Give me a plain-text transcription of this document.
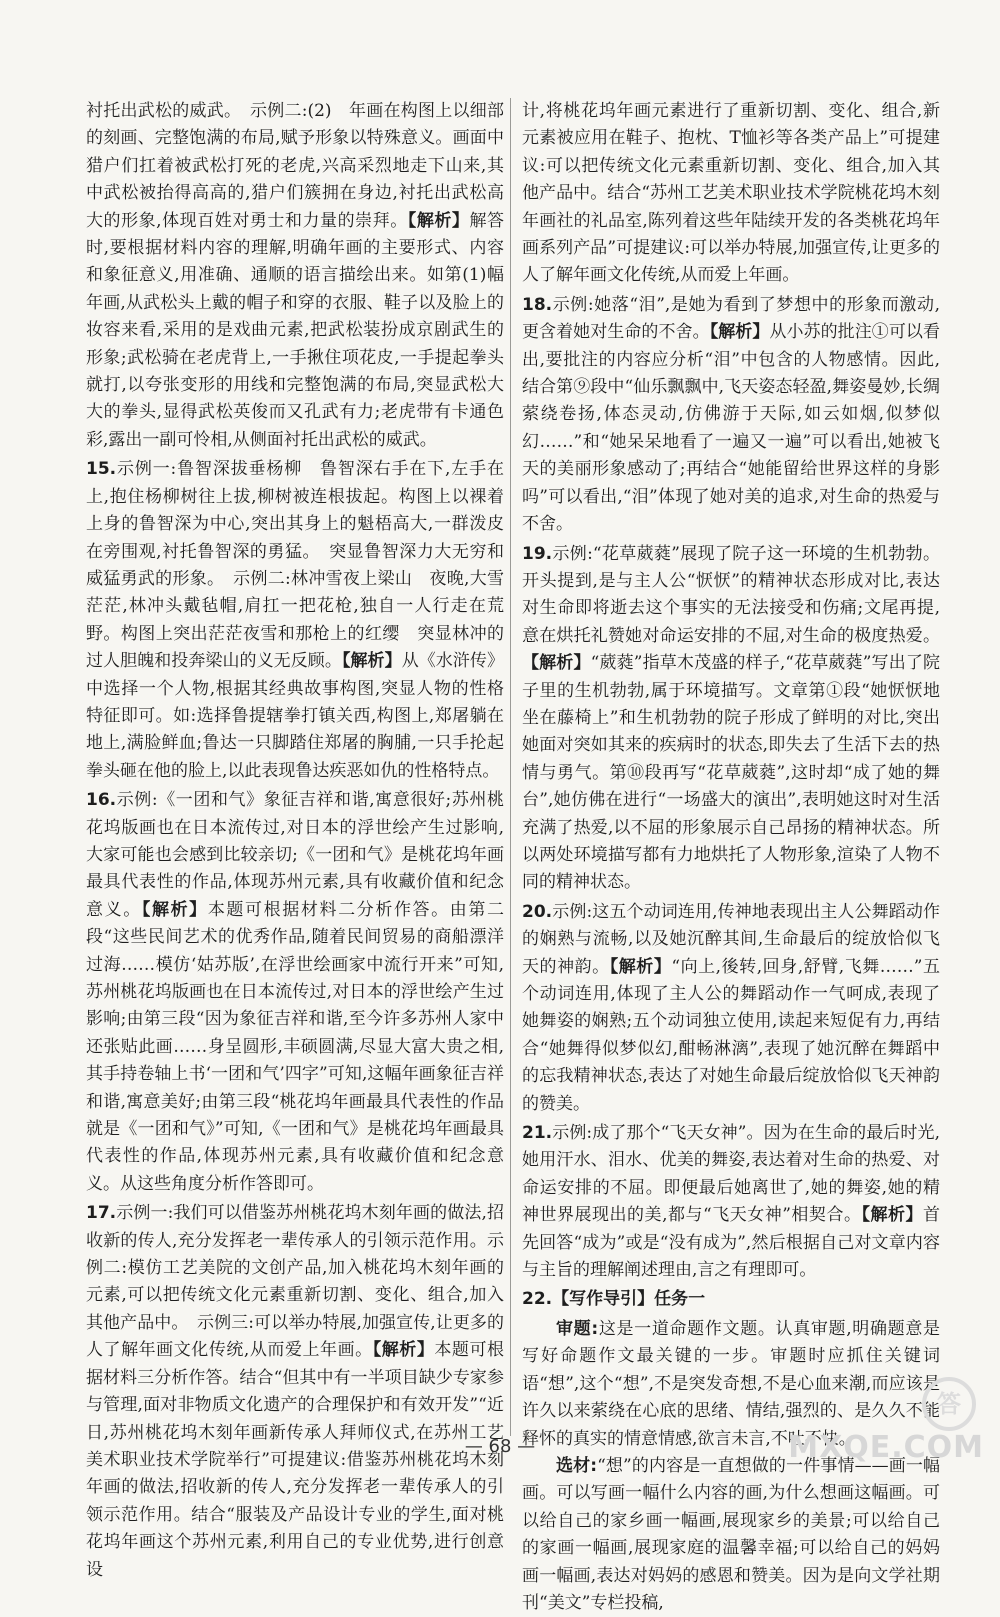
衬托出武松的威武。　示例二:(2)　年画在构图上以细部的刻画、完整饱满的布局,赋予形象以特殊意义。画面中猎户们扛着被武松打死的老虎,兴高采烈地走下山来,其中武松被抬得高高的,猎户们簇拥在身边,衬托出武松高大的形象,体现百姓对勇士和力量的崇拜。【解析】解答时,要根据材料内容的理解,明确年画的主要形式、内容和象征意义,用准确、通顺的语言描绘出来。如第(1)幅年画,从武松头上戴的帽子和穿的衣服、鞋子以及脸上的妆容来看,采用的是戏曲元素,把武松装扮成京剧武生的形象;武松骑在老虎背上,一手揪住项花皮,一手提起拳头就打,以夸张变形的用线和完整饱满的布局,突显武松大大的拳头,显得武松英俊而又孔武有力;老虎带有卡通色彩,露出一副可怜相,从侧面衬托出武松的威武。
15.示例一:鲁智深拔垂杨柳　鲁智深右手在下,左手在上,抱住杨柳树往上拔,柳树被连根拔起。构图上以裸着上身的鲁智深为中心,突出其身上的魁梧高大,一群泼皮在旁围观,衬托鲁智深的勇猛。　突显鲁智深力大无穷和威猛勇武的形象。　示例二:林冲雪夜上梁山　夜晚,大雪茫茫,林冲头戴毡帽,肩扛一把花枪,独自一人行走在荒野。构图上突出茫茫夜雪和那枪上的红缨　突显林冲的过人胆魄和投奔梁山的义无反顾。【解析】从《水浒传》中选择一个人物,根据其经典故事构图,突显人物的性格特征即可。如:选择鲁提辖拳打镇关西,构图上,郑屠躺在地上,满脸鲜血;鲁达一只脚踏住郑屠的胸脯,一只手抡起拳头砸在他的脸上,以此表现鲁达疾恶如仇的性格特点。
16.示例:《一团和气》象征吉祥和谐,寓意很好;苏州桃花坞版画也在日本流传过,对日本的浮世绘产生过影响,大家可能也会感到比较亲切;《一团和气》是桃花坞年画最具代表性的作品,体现苏州元素,具有收藏价值和纪念意义。【解析】本题可根据材料二分析作答。由第二段“这些民间艺术的优秀作品,随着民间贸易的商船漂洋过海……模仿‘姑苏版’,在浮世绘画家中流行开来”可知,苏州桃花坞版画也在日本流传过,对日本的浮世绘产生过影响;由第三段“因为象征吉祥和谐,至今许多苏州人家中还张贴此画……身呈圆形,丰硕圆满,尽显大富大贵之相,其手持卷轴上书‘一团和气’四字”可知,这幅年画象征吉祥和谐,寓意美好;由第三段“桃花坞年画最具代表性的作品就是《一团和气》”可知,《一团和气》是桃花坞年画最具代表性的作品,体现苏州元素,具有收藏价值和纪念意义。从这些角度分析作答即可。
17.示例一:我们可以借鉴苏州桃花坞木刻年画的做法,招收新的传人,充分发挥老一辈传承人的引领示范作用。示例二:模仿工艺美院的文创产品,加入桃花坞木刻年画的元素,可以把传统文化元素重新切割、变化、组合,加入其他产品中。　示例三:可以举办特展,加强宣传,让更多的人了解年画文化传统,从而爱上年画。【解析】本题可根据材料三分析作答。结合“但其中有一半项目缺少专家参与管理,面对非物质文化遗产的合理保护和有效开发”“近日,苏州桃花坞木刻年画新传承人拜师仪式,在苏州工艺美术职业技术学院举行”可提建议:借鉴苏州桃花坞木刻年画的做法,招收新的传人,充分发挥老一辈传承人的引领示范作用。结合“服装及产品设计专业的学生,面对桃花坞年画这个苏州元素,利用自己的专业优势,进行创意设
计,将桃花坞年画元素进行了重新切割、变化、组合,新元素被应用在鞋子、抱枕、T恤衫等各类产品上”可提建议:可以把传统文化元素重新切割、变化、组合,加入其他产品中。结合“苏州工艺美术职业技术学院桃花坞木刻年画社的礼品室,陈列着这些年陆续开发的各类桃花坞年画系列产品”可提建议:可以举办特展,加强宣传,让更多的人了解年画文化传统,从而爱上年画。
18.示例:她落“泪”,是她为看到了梦想中的形象而激动,更含着她对生命的不舍。【解析】从小苏的批注①可以看出,要批注的内容应分析“泪”中包含的人物感情。因此,结合第⑨段中“仙乐飘飘中,飞天姿态轻盈,舞姿曼妙,长绸萦绕卷扬,体态灵动,仿佛游于天际,如云如烟,似梦似幻……”和“她呆呆地看了一遍又一遍”可以看出,她被飞天的美丽形象感动了;再结合“她能留给世界这样的身影吗”可以看出,“泪”体现了她对美的追求,对生命的热爱与不舍。
19.示例:“花草葳蕤”展现了院子这一环境的生机勃勃。开头提到,是与主人公“恹恹”的精神状态形成对比,表达对生命即将逝去这个事实的无法接受和伤痛;文尾再提,意在烘托礼赞她对命运安排的不屈,对生命的极度热爱。【解析】“葳蕤”指草木茂盛的样子,“花草葳蕤”写出了院子里的生机勃勃,属于环境描写。文章第①段“她恹恹地坐在藤椅上”和生机勃勃的院子形成了鲜明的对比,突出她面对突如其来的疾病时的状态,即失去了生活下去的热情与勇气。第⑩段再写“花草葳蕤”,这时却“成了她的舞台”,她仿佛在进行“一场盛大的演出”,表明她这时对生活充满了热爱,以不屈的形象展示自己昂扬的精神状态。所以两处环境描写都有力地烘托了人物形象,渲染了人物不同的精神状态。
20.示例:这五个动词连用,传神地表现出主人公舞蹈动作的娴熟与流畅,以及她沉醉其间,生命最后的绽放恰似飞天的神韵。【解析】“向上,後转,回身,舒臂,飞舞……”五个动词连用,体现了主人公的舞蹈动作一气呵成,表现了她舞姿的娴熟;五个动词独立使用,读起来短促有力,再结合“她舞得似梦似幻,酣畅淋漓”,表现了她沉醉在舞蹈中的忘我精神状态,表达了对她生命最后绽放恰似飞天神韵的赞美。
21.示例:成了那个“飞天女神”。因为在生命的最后时光,她用汗水、泪水、优美的舞姿,表达着对生命的热爱、对命运安排的不屈。即便最后她离世了,她的舞姿,她的精神世界展现出的美,都与“飞天女神”相契合。【解析】首先回答“成为”或是“没有成为”,然后根据自己对文章内容与主旨的理解阐述理由,言之有理即可。
22.【写作导引】任务一

审题:这是一道命题作文题。认真审题,明确题意是写好命题作文最关键的一步。审题时应抓住关键词语“想”,这个“想”,不是突发奇想,不是心血来潮,而应该是许久以来萦绕在心底的思绪、情结,强烈的、是久久不能释怀的真实的情意情感,欲言未言,不吐不快。

选材:“想”的内容是一直想做的一件事情——画一幅画。可以写画一幅什么内容的画,为什么想画这幅画。可以给自己的家乡画一幅画,展现家乡的美景;可以给自己的家画一幅画,展现家庭的温馨幸福;可以给自己的妈妈画一幅画,表达对妈妈的感恩和赞美。因为是向文学社期刊“美文”专栏投稿,

— 68 —
答
MXQE.COM
